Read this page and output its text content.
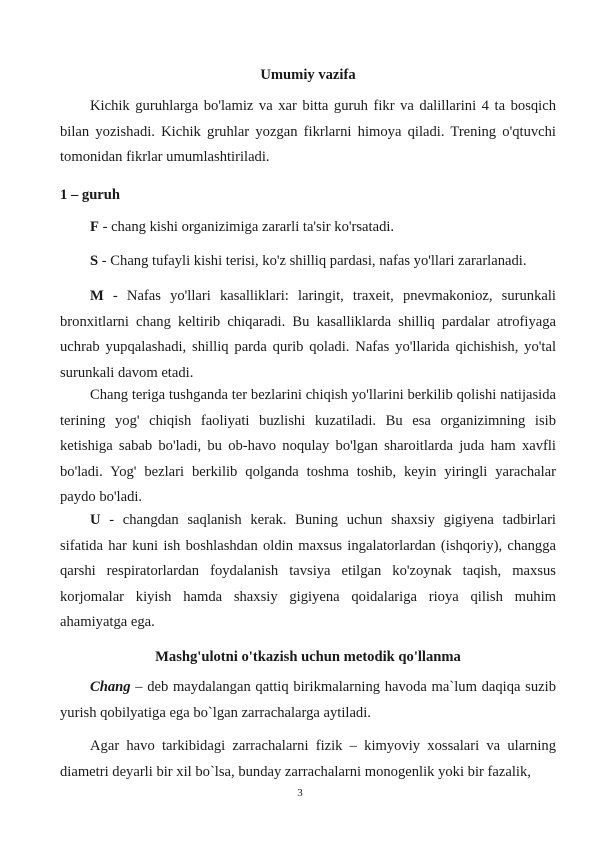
Umumiy vazifa

Kichik guruhlarga bo'lamiz va xar bitta guruh fikr va dalillarini 4 ta bosqich bilan yozishadi. Kichik gruhlar yozgan fikrlarni himoya qiladi. Trening o'qtuvchi tomonidan fikrlar umumlashtiriladi.

1 – guruh

F - chang kishi organizimiga zararli ta'sir ko'rsatadi.

S - Chang tufayli kishi terisi, ko'z shilliq pardasi, nafas yo'llari zararlanadi.

M - Nafas yo'llari kasalliklari: laringit, traxeit, pnevmakonioz, surunkali bronxitlarni chang keltirib chiqaradi. Bu kasalliklarda shilliq pardalar atrofiyaga uchrab yupqalashadi, shilliq parda qurib qoladi. Nafas yo'llarida qichishish, yo'tal surunkali davom etadi.

Chang teriga tushganda ter bezlarini chiqish yo'llarini berkilib qolishi natijasida terining yog' chiqish faoliyati buzlishi kuzatiladi. Bu esa organizimning isib ketishiga sabab bo'ladi, bu ob-havo noqulay bo'lgan sharoitlarda juda ham xavfli bo'ladi. Yog' bezlari berkilib qolganda toshma toshib, keyin yiringli yarachalar paydo bo'ladi.

U - changdan saqlanish kerak. Buning uchun shaxsiy gigiyena tadbirlari sifatida har kuni ish boshlashdan oldin maxsus ingalatorlardan (ishqoriy), changga qarshi respiratorlardan foydalanish tavsiya etilgan ko'zoynak taqish, maxsus korjomalar kiyish hamda shaxsiy gigiyena qoidalariga rioya qilish muhim ahamiyatga ega.

Mashg'ulotni o'tkazish uchun metodik qo'llanma

Chang – deb maydalangan qattiq birikmalarning havoda ma`lum daqiqa suzib yurish qobilyatiga ega bo`lgan zarrachalarga aytiladi.

Agar havo tarkibidagi zarrachalarni fizik – kimyoviy xossalari va ularning diametri deyarli bir xil bo`lsa, bunday zarrachalarni monogenlik yoki bir fazalik,

3
